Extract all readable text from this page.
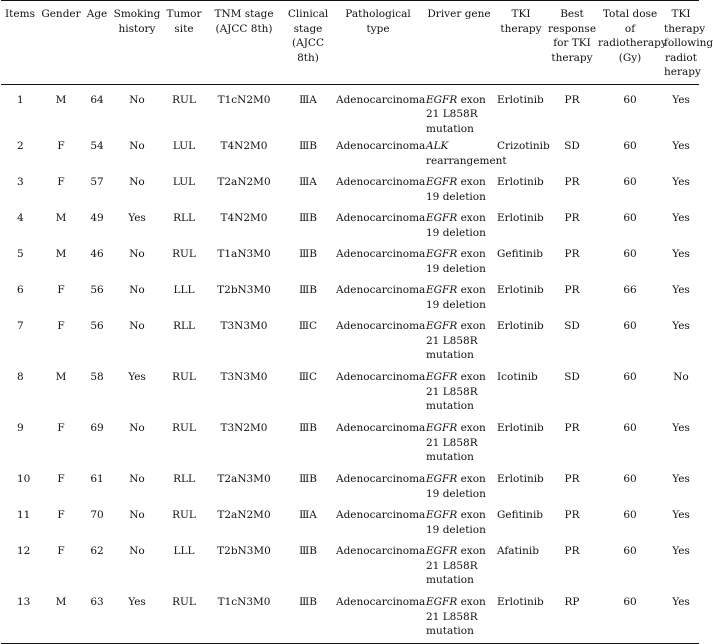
Items	Gender	Age	Smoking history	Tumor site	TNM stage (AJCC 8th)	Clinical stage (AJCC 8th)	Pathological type	Driver gene	TKI therapy	Best response for TKI therapy	Total dose of radiotherapy (Gy)	TKI therapy following radiot herapy
1	M	64	No	RUL	T1cN2M0	ⅢA	Adenocarcinoma	EGFR exon 21 L858R mutation	Erlotinib	PR	60	Yes
2	F	54	No	LUL	T4N2M0	ⅢB	Adenocarcinoma	ALK rearrangement	Crizotinib	SD	60	Yes
3	F	57	No	LUL	T2aN2M0	ⅢA	Adenocarcinoma	EGFR exon 19 deletion	Erlotinib	PR	60	Yes
4	M	49	Yes	RLL	T4N2M0	ⅢB	Adenocarcinoma	EGFR exon 19 deletion	Erlotinib	PR	60	Yes
5	M	46	No	RUL	T1aN3M0	ⅢB	Adenocarcinoma	EGFR exon 19 deletion	Gefitinib	PR	60	Yes
6	F	56	No	LLL	T2bN3M0	ⅢB	Adenocarcinoma	EGFR exon 19 deletion	Erlotinib	PR	66	Yes
7	F	56	No	RLL	T3N3M0	ⅢC	Adenocarcinoma	EGFR exon 21 L858R mutation	Erlotinib	SD	60	Yes
8	M	58	Yes	RUL	T3N3M0	ⅢC	Adenocarcinoma	EGFR exon 21 L858R mutation	Icotinib	SD	60	No
9	F	69	No	RUL	T3N2M0	ⅢB	Adenocarcinoma	EGFR exon 21 L858R mutation	Erlotinib	PR	60	Yes
10	F	61	No	RLL	T2aN3M0	ⅢB	Adenocarcinoma	EGFR exon 19 deletion	Erlotinib	PR	60	Yes
11	F	70	No	RUL	T2aN2M0	ⅢA	Adenocarcinoma	EGFR exon 19 deletion	Gefitinib	PR	60	Yes
12	F	62	No	LLL	T2bN3M0	ⅢB	Adenocarcinoma	EGFR exon 21 L858R mutation	Afatinib	PR	60	Yes
13	M	63	Yes	RUL	T1cN3M0	ⅢB	Adenocarcinoma	EGFR exon 21 L858R mutation	Erlotinib	RP	60	Yes
